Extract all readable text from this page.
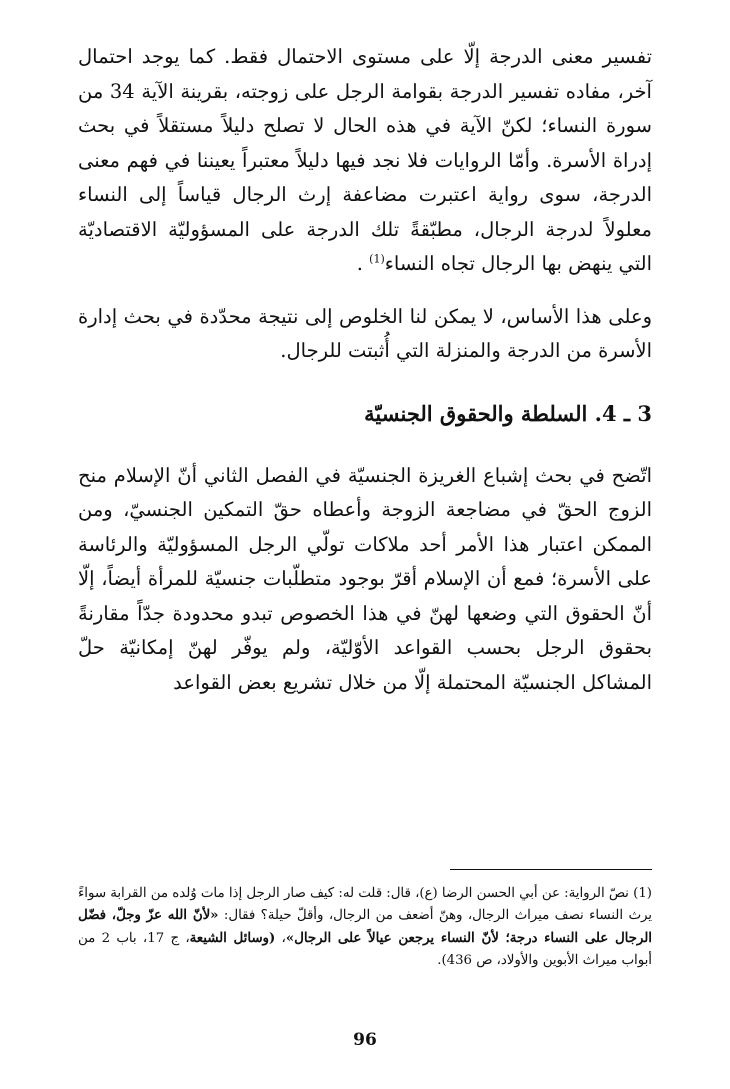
تفسير معنى الدرجة إلّا على مستوى الاحتمال فقط. كما يوجد احتمال آخر، مفاده تفسير الدرجة بقوامة الرجل على زوجته، بقرينة الآية 34 من سورة النساء؛ لكنّ الآية في هذه الحال لا تصلح دليلاً مستقلاً في بحث إدراة الأسرة. وأمّا الروايات فلا نجد فيها دليلاً معتبراً يعيننا في فهم معنى الدرجة، سوى رواية اعتبرت مضاعفة إرث الرجال قياساً إلى النساء معلولاً لدرجة الرجال، مطبّقةً تلك الدرجة على المسؤوليّة الاقتصاديّة التي ينهض بها الرجال تجاه النساء$^{(1)}$ .

وعلى هذا الأساس، لا يمكن لنا الخلوص إلى نتيجة محدّدة في بحث إدارة الأسرة من الدرجة والمنزلة التي أُثبتت للرجال.

3 ـ 4. السلطة والحقوق الجنسيّة

اتّضح في بحث إشباع الغريزة الجنسيّة في الفصل الثاني أنّ الإسلام منح الزوج الحقّ في مضاجعة الزوجة وأعطاه حقّ التمكين الجنسيّ، ومن الممكن اعتبار هذا الأمر أحد ملاكات تولّي الرجل المسؤوليّة والرئاسة على الأسرة؛ فمع أن الإسلام أقرّ بوجود متطلّبات جنسيّة للمرأة أيضاً، إلّا أنّ الحقوق التي وضعها لهنّ في هذا الخصوص تبدو محدودة جدّاً مقارنةً بحقوق الرجل بحسب القواعد الأوّليّة، ولم يوفّر لهنّ إمكانيّة حلّ المشاكل الجنسيّة المحتملة إلّا من خلال تشريع بعض القواعد

(1) نصّ الرواية: عن أبي الحسن الرضا (ع)، قال: قلت له: كيف صار الرجل إذا مات وُلده من القرابة سواءً يرث النساء نصف ميراث الرجال، وهنّ أضعف من الرجال، وأقلّ حيلة؟ فقال: «لأنّ الله عزّ وجلّ، فضّل الرجال على النساء درجة؛ لأنّ النساء يرجعن عيالاً على الرجال»، (وسائل الشيعة، ج 17، باب 2 من أبواب ميراث الأبوين والأولاد، ص 436).
96
